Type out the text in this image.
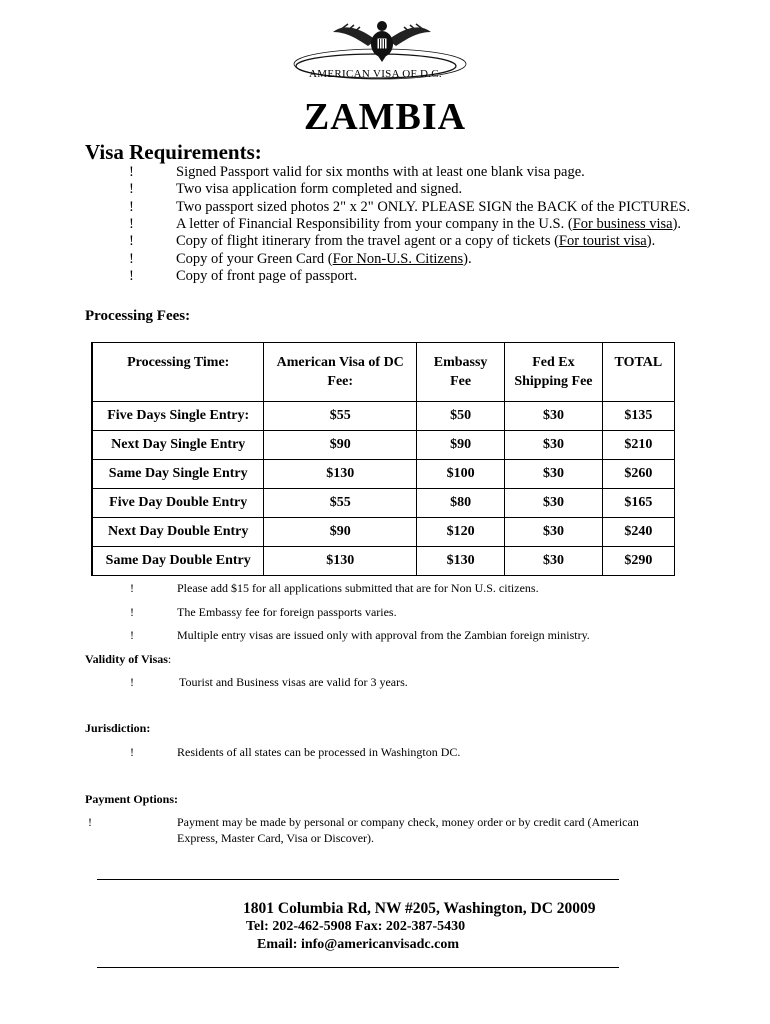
AMERICAN VISA OF D.C.
ZAMBIA
Visa Requirements:
!	Signed Passport valid for six months with at least one blank visa page.
!	Two visa application form completed and signed.
!	Two passport sized photos 2" x 2" ONLY. PLEASE SIGN the BACK of the PICTURES.
!	A letter of Financial Responsibility from your company in the U.S. (For business visa).
!	Copy of flight itinerary from the travel agent or a copy of tickets (For tourist visa).
!	Copy of your Green Card (For Non-U.S. Citizens).
!	Copy of front page of passport.
Processing Fees:
Processing Time:	American Visa of DC Fee:	Embassy Fee	Fed Ex Shipping Fee	TOTAL
Five Days Single Entry:	$55	$50	$30	$135
Next Day Single Entry	$90	$90	$30	$210
Same Day Single Entry	$130	$100	$30	$260
Five Day Double Entry	$55	$80	$30	$165
Next Day Double Entry	$90	$120	$30	$240
Same Day Double Entry	$130	$130	$30	$290
!	Please add $15 for all applications submitted that are for Non U.S. citizens.
!	The Embassy fee for foreign passports varies.
!	Multiple entry visas are issued only with approval from the Zambian foreign ministry.
Validity of Visas:
!	Tourist and Business visas are valid for 3 years.
Jurisdiction:
!	Residents of all states can be processed in Washington DC.
Payment Options:
!	Payment may be made by personal or company check, money order or by credit card (American
Express, Master Card, Visa or Discover).
1801 Columbia Rd, NW #205, Washington, DC 20009
Tel: 202-462-5908 Fax: 202-387-5430
Email: info@americanvisadc.com
